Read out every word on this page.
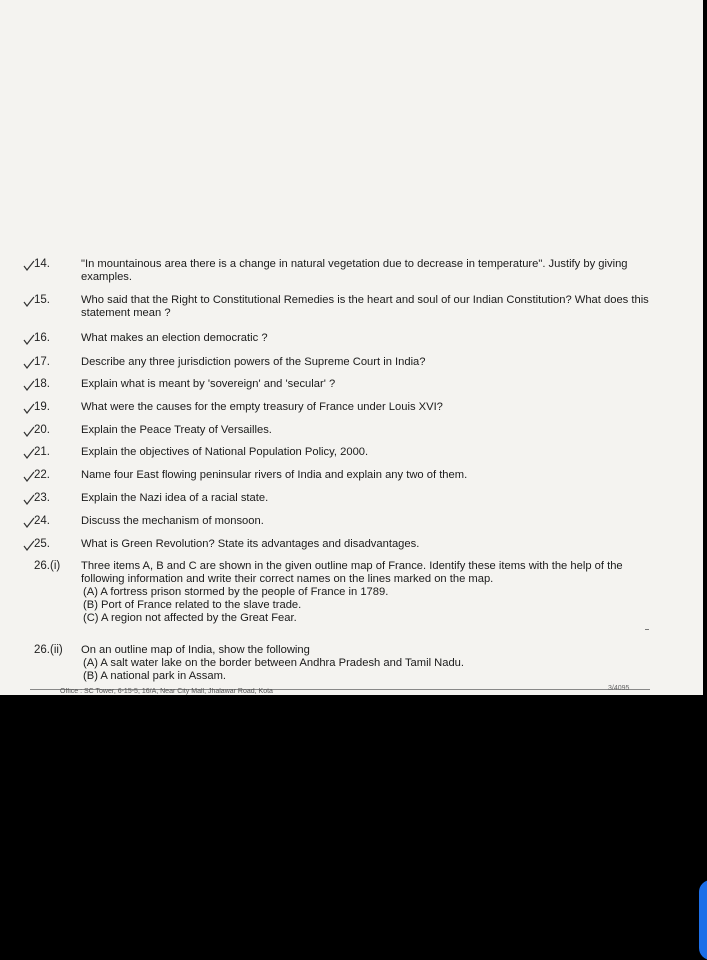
14.	"In mountainous area there is a change in natural vegetation due to decrease in temperature". Justify by giving examples.
15.	Who said that the Right to Constitutional Remedies is the heart and soul of our Indian Constitution? What does this statement mean ?
16.	What makes an election democratic ?
17.	Describe any three jurisdiction powers of the Supreme Court in India?
18.	Explain what is meant by 'sovereign' and 'secular' ?
19.	What were the causes for the empty treasury of France under Louis XVI?
20.	Explain the Peace Treaty of Versailles.
21.	Explain the objectives of National Population Policy, 2000.
22.	Name four East flowing peninsular rivers of India and explain any two of them.
23.	Explain the Nazi idea of a racial state.
24.	Discuss the mechanism of monsoon.
25.	What is Green Revolution? State its advantages and disadvantages.
26.(i) Three items A, B and C are shown in the given outline map of France. Identify these items with the help of the following information and write their correct names on the lines marked on the map.
(A) A fortress prison stormed by the people of France in 1789.
(B) Port of France related to the slave trade.
(C) A region not affected by the Great Fear.
26.(ii) On an outline map of India, show the following
(A) A salt water lake on the border between Andhra Pradesh and Tamil Nadu.
(B) A national park in Assam.
Office : SC Tower, 6-15-5, 16/A, Near City Mall, Jhalawar Road, Kota	3/4095
